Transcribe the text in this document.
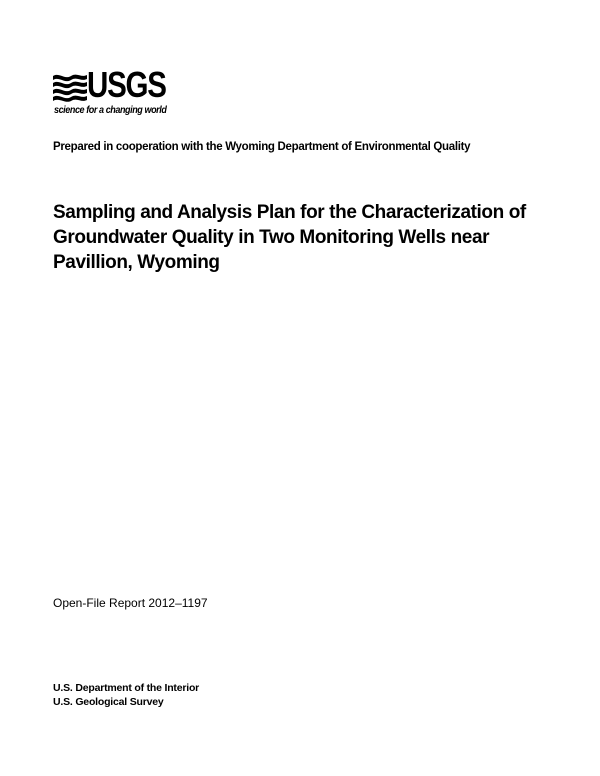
USGS
science for a changing world
Prepared in cooperation with the Wyoming Department of Environmental Quality
Sampling and Analysis Plan for the Characterization of Groundwater Quality in Two Monitoring Wells near Pavillion, Wyoming
Open-File Report 2012–1197
U.S. Department of the Interior
U.S. Geological Survey
